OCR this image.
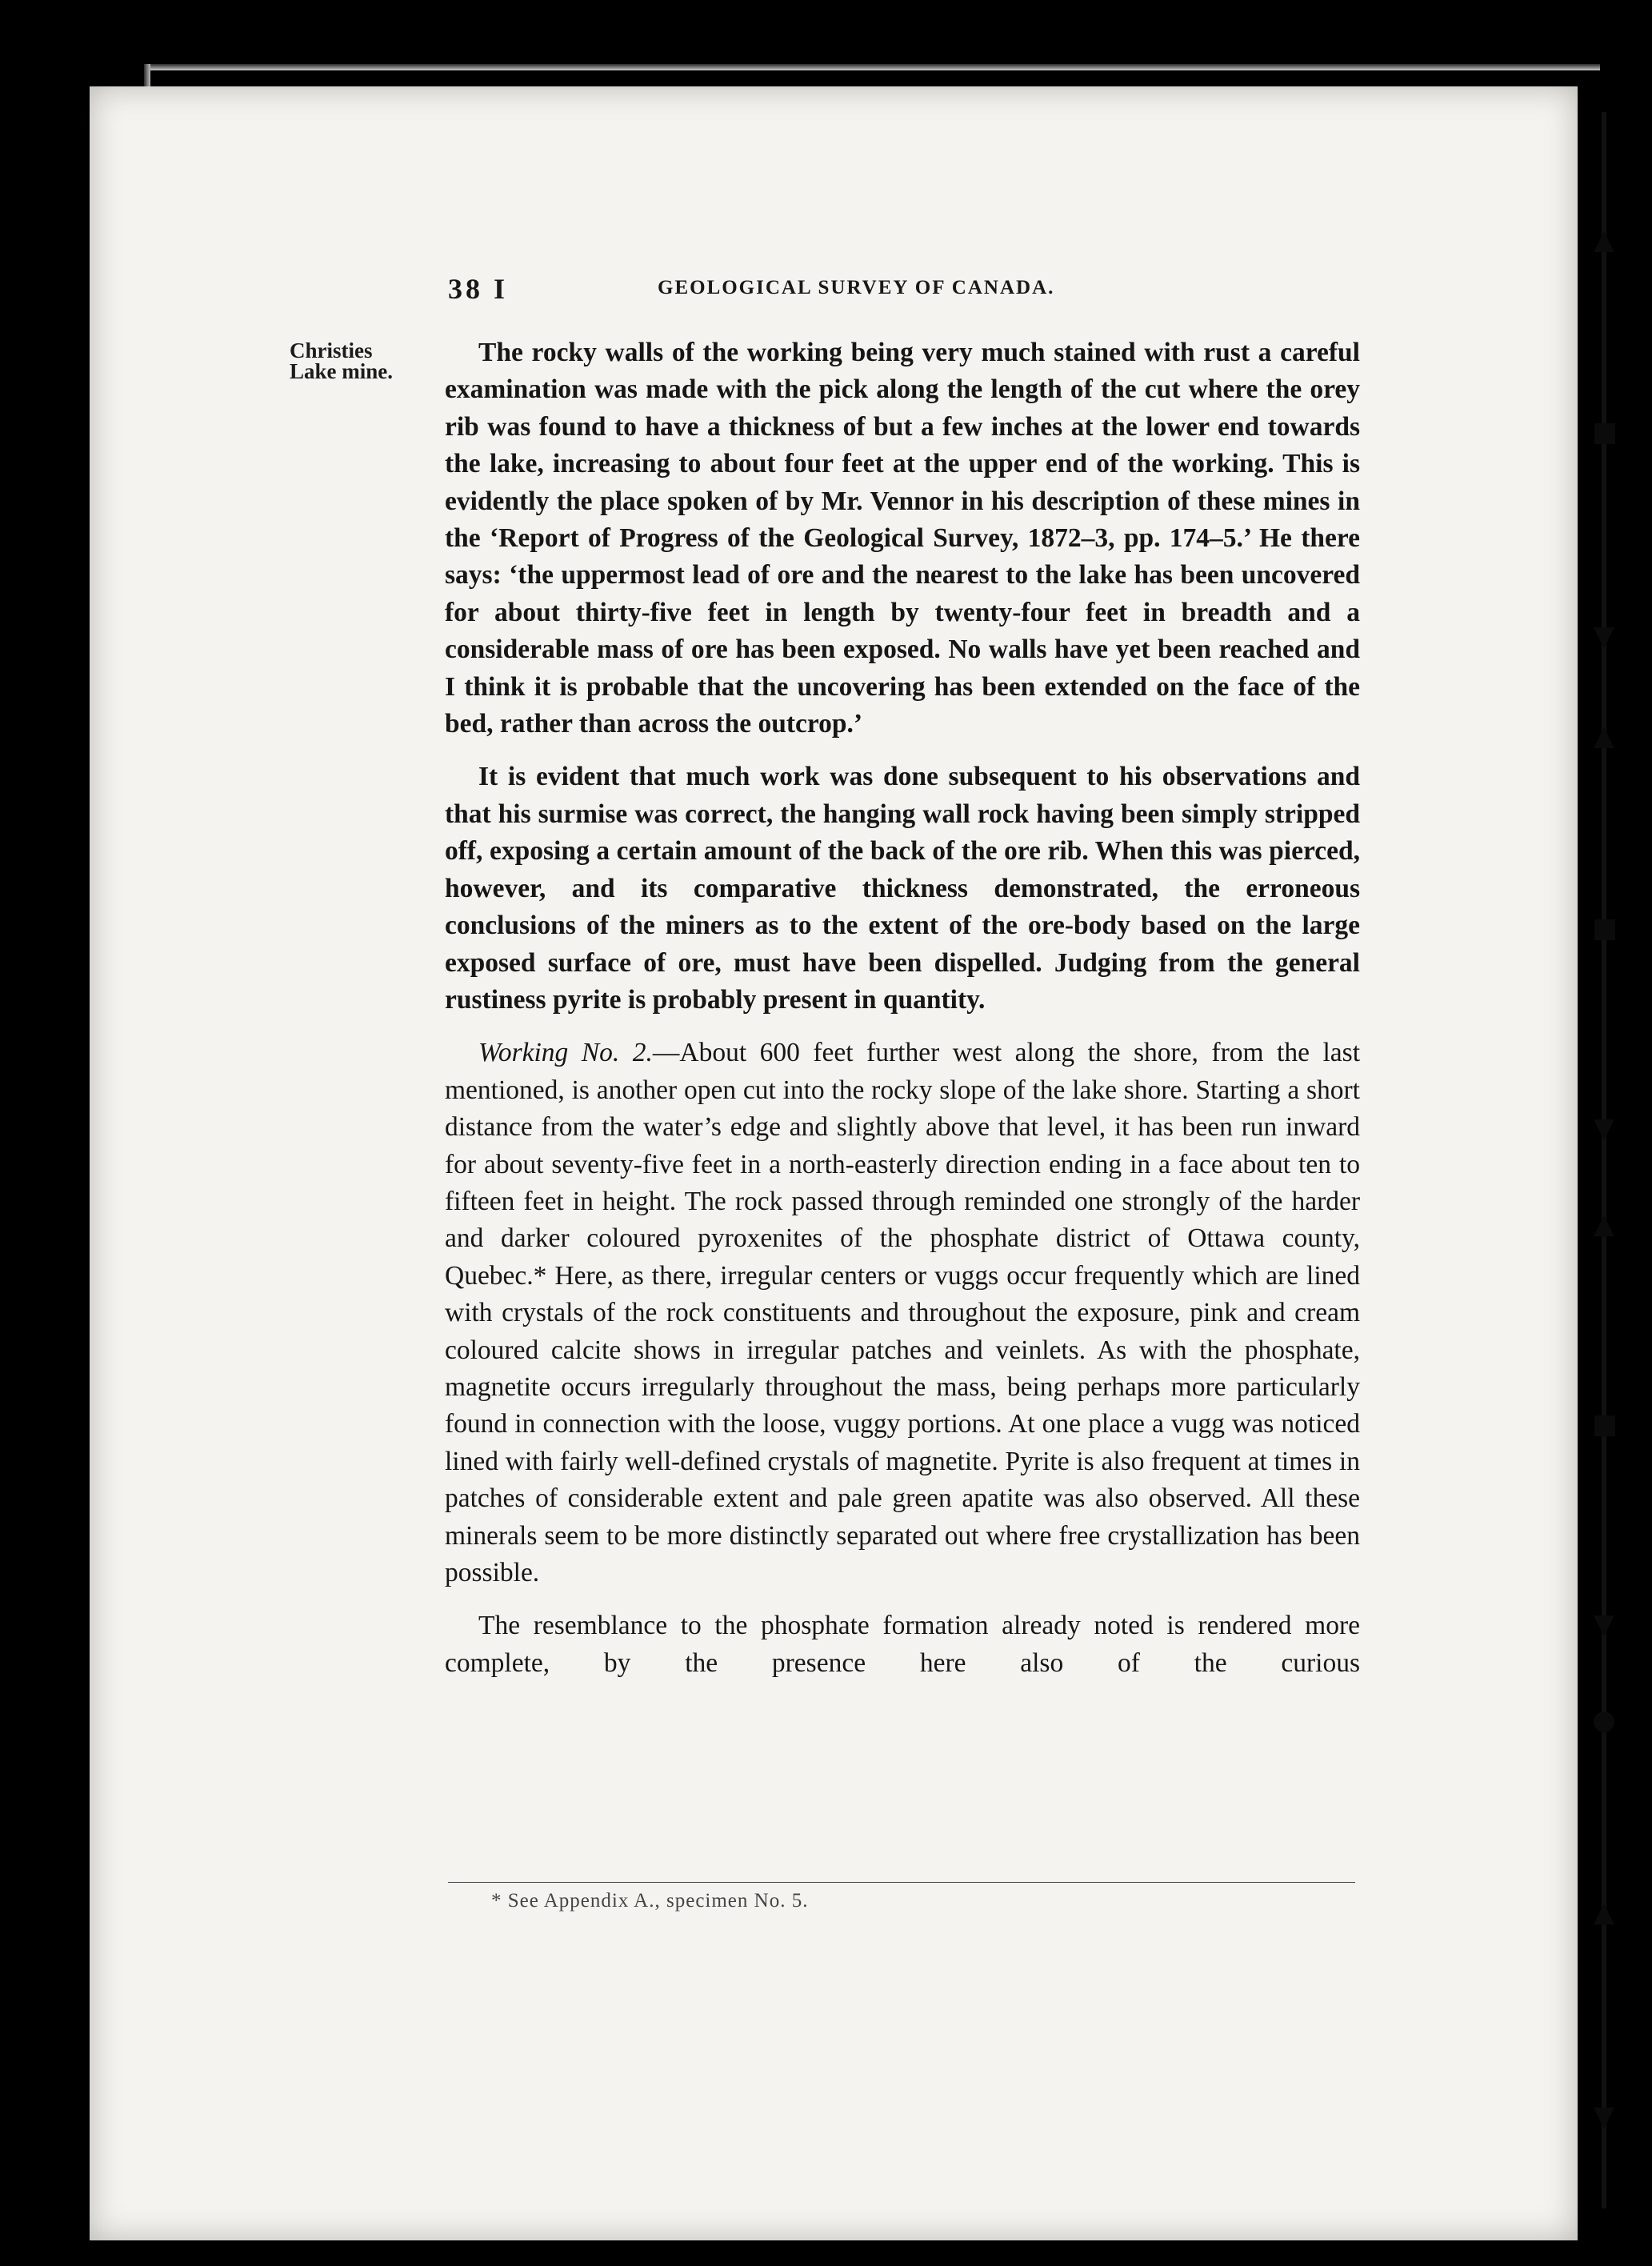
▲
■
▼
▲
■
▼
▲
■
▼
●
▲
▼
38 I	GEOLOGICAL SURVEY OF CANADA.
Christies
Lake mine.

The rocky walls of the working being very much stained with rust a careful examination was made with the pick along the length of the cut where the orey rib was found to have a thickness of but a few inches at the lower end towards the lake, increasing to about four feet at the upper end of the working. This is evidently the place spoken of by Mr. Vennor in his description of these mines in the ‘Report of Progress of the Geological Survey, 1872–3, pp. 174–5.’ He there says: ‘the uppermost lead of ore and the nearest to the lake has been uncovered for about thirty-five feet in length by twenty-four feet in breadth and a considerable mass of ore has been exposed. No walls have yet been reached and I think it is probable that the uncovering has been extended on the face of the bed, rather than across the outcrop.’

It is evident that much work was done subsequent to his observations and that his surmise was correct, the hanging wall rock having been simply stripped off, exposing a certain amount of the back of the ore rib. When this was pierced, however, and its comparative thickness demonstrated, the erroneous conclusions of the miners as to the extent of the ore-body based on the large exposed surface of ore, must have been dispelled. Judging from the general rustiness pyrite is probably present in quantity.

Working No. 2.—About 600 feet further west along the shore, from the last mentioned, is another open cut into the rocky slope of the lake shore. Starting a short distance from the water’s edge and slightly above that level, it has been run inward for about seventy-five feet in a north-easterly direction ending in a face about ten to fifteen feet in height. The rock passed through reminded one strongly of the harder and darker coloured pyroxenites of the phosphate district of Ottawa county, Quebec.* Here, as there, irregular centers or vuggs occur frequently which are lined with crystals of the rock constituents and throughout the exposure, pink and cream coloured calcite shows in irregular patches and veinlets. As with the phosphate, magnetite occurs irregularly throughout the mass, being perhaps more particularly found in connection with the loose, vuggy portions. At one place a vugg was noticed lined with fairly well-defined crystals of magnetite. Pyrite is also frequent at times in patches of considerable extent and pale green apatite was also observed. All these minerals seem to be more distinctly separated out where free crystallization has been possible.

The resemblance to the phosphate formation already noted is rendered more complete, by the presence here also of the curious

* See Appendix A., specimen No. 5.
